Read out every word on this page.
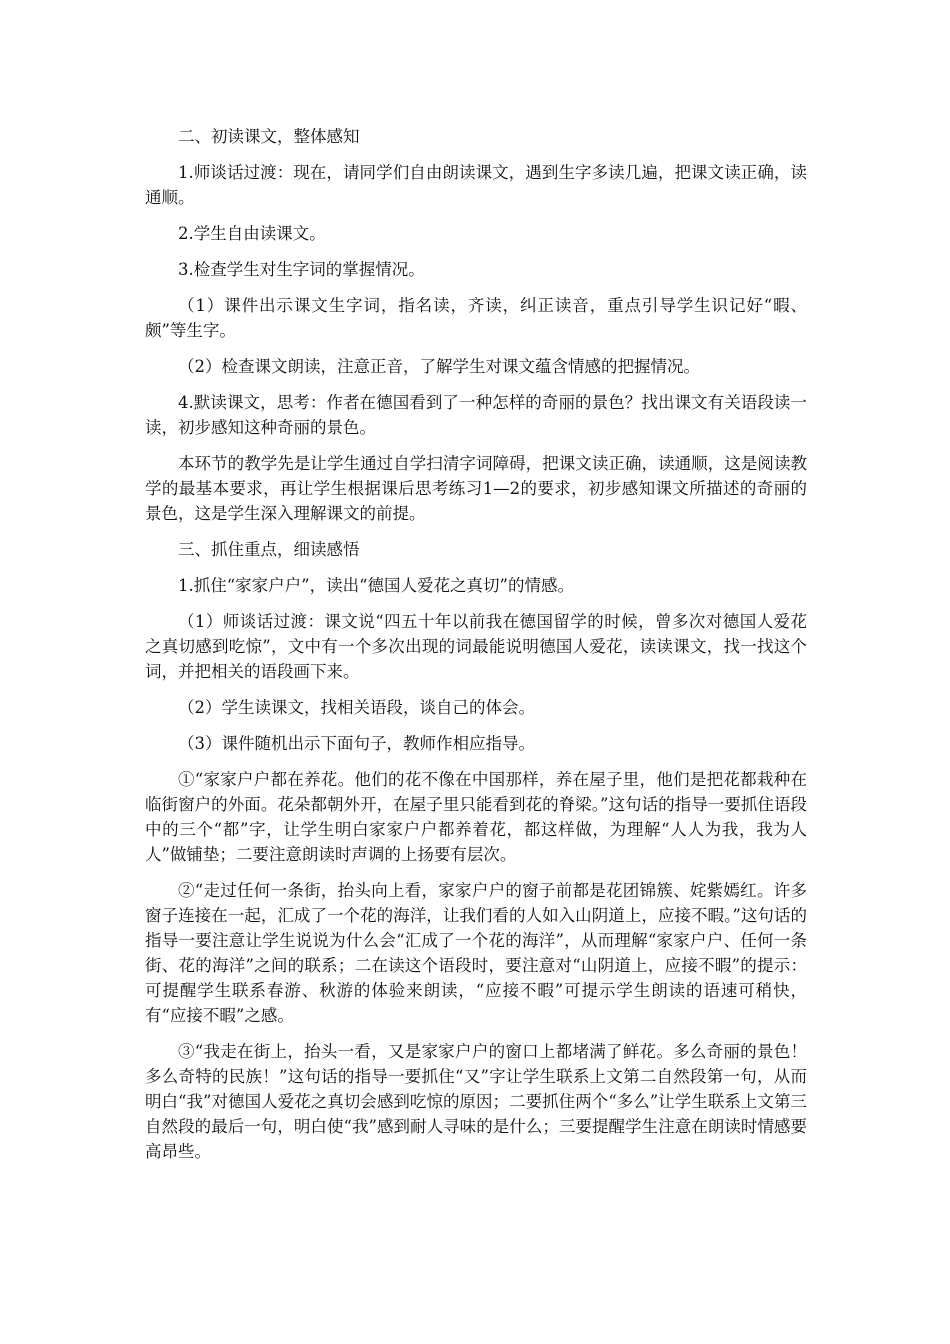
二、初读课文，整体感知

1.师谈话过渡：现在，请同学们自由朗读课文，遇到生字多读几遍，把课文读正确，读通顺。

2.学生自由读课文。

3.检查学生对生字词的掌握情况。

（1）课件出示课文生字词，指名读，齐读，纠正读音，重点引导学生识记好“暇、颇”等生字。

（2）检查课文朗读，注意正音，了解学生对课文蕴含情感的把握情况。

4.默读课文，思考：作者在德国看到了一种怎样的奇丽的景色？找出课文有关语段读一读，初步感知这种奇丽的景色。

本环节的教学先是让学生通过自学扫清字词障碍，把课文读正确，读通顺，这是阅读教学的最基本要求，再让学生根据课后思考练习1—2的要求，初步感知课文所描述的奇丽的景色，这是学生深入理解课文的前提。

三、抓住重点，细读感悟

1.抓住“家家户户”，读出“德国人爱花之真切”的情感。

（1）师谈话过渡：课文说“四五十年以前我在德国留学的时候，曾多次对德国人爱花之真切感到吃惊”，文中有一个多次出现的词最能说明德国人爱花，读读课文，找一找这个词，并把相关的语段画下来。

（2）学生读课文，找相关语段，谈自己的体会。

（3）课件随机出示下面句子，教师作相应指导。

①“家家户户都在养花。他们的花不像在中国那样，养在屋子里，他们是把花都栽种在临街窗户的外面。花朵都朝外开，在屋子里只能看到花的脊梁。”这句话的指导一要抓住语段中的三个“都”字，让学生明白家家户户都养着花，都这样做，为理解“人人为我，我为人人”做铺垫；二要注意朗读时声调的上扬要有层次。

②“走过任何一条街，抬头向上看，家家户户的窗子前都是花团锦簇、姹紫嫣红。许多窗子连接在一起，汇成了一个花的海洋，让我们看的人如入山阴道上，应接不暇。”这句话的指导一要注意让学生说说为什么会“汇成了一个花的海洋”，从而理解“家家户户、任何一条街、花的海洋”之间的联系；二在读这个语段时，要注意对“山阴道上，应接不暇”的提示：可提醒学生联系春游、秋游的体验来朗读，“应接不暇”可提示学生朗读的语速可稍快，有“应接不暇”之感。

③“我走在街上，抬头一看，又是家家户户的窗口上都堵满了鲜花。多么奇丽的景色！多么奇特的民族！”这句话的指导一要抓住“又”字让学生联系上文第二自然段第一句，从而明白“我”对德国人爱花之真切会感到吃惊的原因；二要抓住两个“多么”让学生联系上文第三自然段的最后一句，明白使“我”感到耐人寻味的是什么；三要提醒学生注意在朗读时情感要高昂些。
